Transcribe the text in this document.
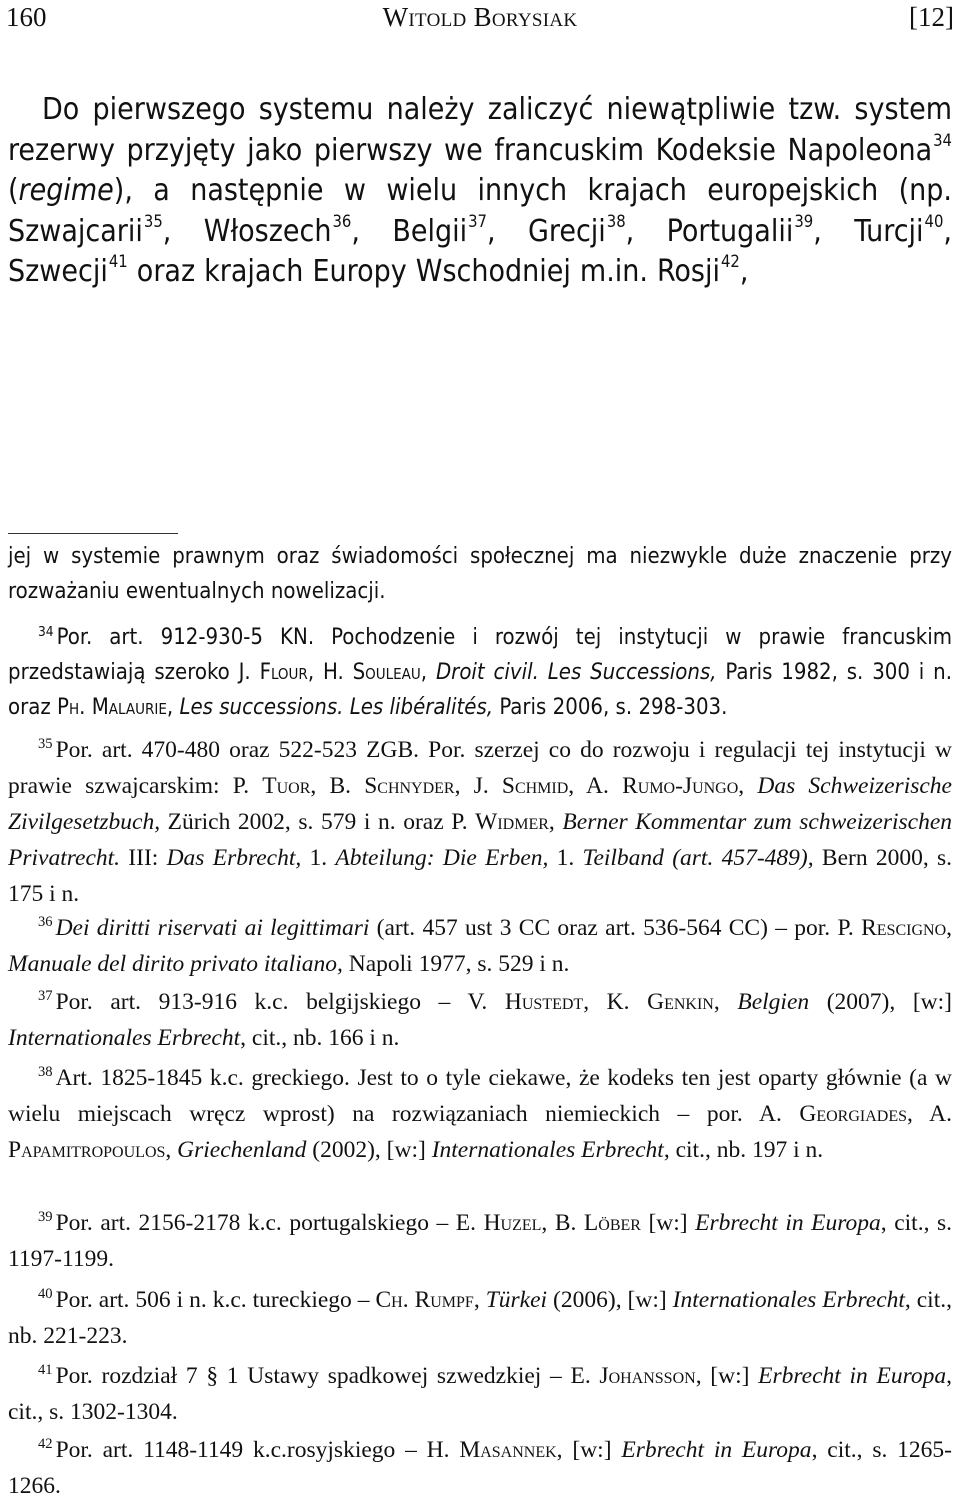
160	Witold Borysiak	[12]

Do pierwszego systemu należy zaliczyć niewątpliwie tzw. system rezerwy przyjęty jako pierwszy we francuskim Kodeksie Napoleona$^{34}$ (regime), a następnie w wielu innych krajach europejskich (np. Szwajcarii$^{35}$, Włoszech$^{36}$, Belgii$^{37}$, Grecji$^{38}$, Portugalii$^{39}$, Turcji$^{40}$, Szwecji$^{41}$ oraz krajach Europy Wschodniej m.in. Rosji$^{42}$,

jej w systemie prawnym oraz świadomości społecznej ma niezwykle duże znaczenie przy rozważaniu ewentualnych nowelizacji.

$^{34}$ Por. art. 912-930-5 KN. Pochodzenie i rozwój tej instytucji w prawie francuskim przedstawiają szeroko J. Flour, H. Souleau, Droit civil. Les Successions, Paris 1982, s. 300 i n. oraz Ph. Malaurie, Les successions. Les libéralités, Paris 2006, s. 298-303.

$^{35}$ Por. art. 470-480 oraz 522-523 ZGB. Por. szerzej co do rozwoju i regulacji tej instytucji w prawie szwajcarskim: P. Tuor, B. Schnyder, J. Schmid, A. Rumo-Jungo, Das Schweizerische Zivilgesetzbuch, Zürich 2002, s. 579 i n. oraz P. Widmer, Berner Kommentar zum schweizerischen Privatrecht. III: Das Erbrecht, 1. Abteilung: Die Erben, 1. Teilband (art. 457-489), Bern 2000, s. 175 i n.

$^{36}$ Dei diritti riservati ai legittimari (art. 457 ust 3 CC oraz art. 536-564 CC) – por. P. Rescigno, Manuale del dirito privato italiano, Napoli 1977, s. 529 i n.

$^{37}$ Por. art. 913-916 k.c. belgijskiego – V. Hustedt, K. Genkin, Belgien (2007), [w:] Internationales Erbrecht, cit., nb. 166 i n.

$^{38}$ Art. 1825-1845 k.c. greckiego. Jest to o tyle ciekawe, że kodeks ten jest oparty głównie (a w wielu miejscach wręcz wprost) na rozwiązaniach niemieckich – por. A. Georgiades, A. Papamitropoulos, Griechenland (2002), [w:] Internationales Erbrecht, cit., nb. 197 i n.

$^{39}$ Por. art. 2156-2178 k.c. portugalskiego – E. Huzel, B. Löber [w:] Erbrecht in Europa, cit., s. 1197-1199.

$^{40}$ Por. art. 506 i n. k.c. tureckiego – Ch. Rumpf, Türkei (2006), [w:] Internationales Erbrecht, cit., nb. 221-223.

$^{41}$ Por. rozdział 7 § 1 Ustawy spadkowej szwedzkiej – E. Johansson, [w:] Erbrecht in Europa, cit., s. 1302-1304.

$^{42}$ Por. art. 1148-1149 k.c.rosyjskiego – H. Masannek, [w:] Erbrecht in Europa, cit., s. 1265-1266.
